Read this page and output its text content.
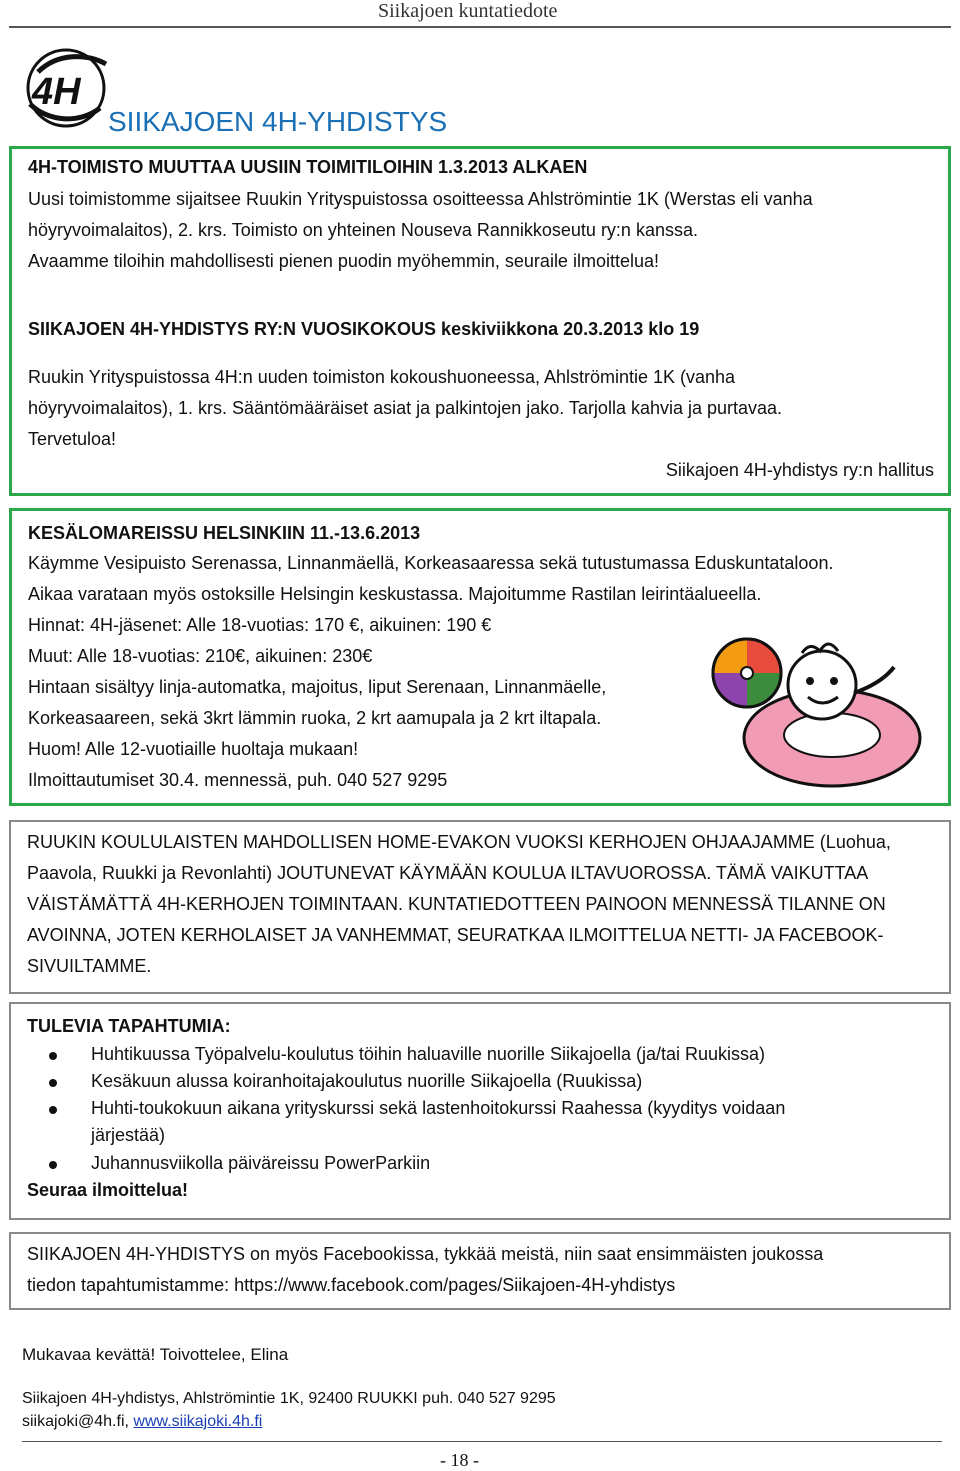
Siikajoen kuntatiedote
4H
SIIKAJOEN 4H-YHDISTYS
4H-TOIMISTO MUUTTAA UUSIIN TOIMITILOIHIN 1.3.2013 ALKAEN
Uusi toimistomme sijaitsee Ruukin Yrityspuistossa osoitteessa Ahlströmintie 1K (Werstas eli vanha
höyryvoimalaitos), 2. krs. Toimisto on yhteinen Nouseva Rannikkoseutu ry:n kanssa.
Avaamme tiloihin mahdollisesti pienen puodin myöhemmin, seuraile ilmoittelua!
SIIKAJOEN 4H-YHDISTYS RY:N VUOSIKOKOUS keskiviikkona 20.3.2013 klo 19
Ruukin Yrityspuistossa 4H:n uuden toimiston kokoushuoneessa, Ahlströmintie 1K (vanha
höyryvoimalaitos), 1. krs. Sääntömääräiset asiat ja palkintojen jako. Tarjolla kahvia ja purtavaa.
Tervetuloa!
Siikajoen 4H-yhdistys ry:n hallitus
KESÄLOMAREISSU HELSINKIIN 11.-13.6.2013
Käymme Vesipuisto Serenassa, Linnanmäellä, Korkeasaaressa sekä tutustumassa Eduskuntataloon.
Aikaa varataan myös ostoksille Helsingin keskustassa. Majoitumme Rastilan leirintäalueella.
Hinnat: 4H-jäsenet: Alle 18-vuotias: 170 €, aikuinen: 190 €
Muut: Alle 18-vuotias: 210€, aikuinen: 230€
Hintaan sisältyy linja-automatka, majoitus, liput Serenaan, Linnanmäelle,
Korkeasaareen, sekä 3krt lämmin ruoka, 2 krt aamupala ja 2 krt iltapala.
Huom! Alle 12-vuotiaille huoltaja mukaan!
Ilmoittautumiset 30.4. mennessä, puh. 040 527 9295
RUUKIN KOULULAISTEN MAHDOLLISEN HOME-EVAKON VUOKSI KERHOJEN OHJAAJAMME (Luohua,
Paavola, Ruukki ja Revonlahti) JOUTUNEVAT KÄYMÄÄN KOULUA ILTAVUOROSSA. TÄMÄ VAIKUTTAA
VÄISTÄMÄTTÄ 4H-KERHOJEN TOIMINTAAN. KUNTATIEDOTTEEN PAINOON MENNESSÄ TILANNE ON
AVOINNA, JOTEN KERHOLAISET JA VANHEMMAT, SEURATKAA ILMOITTELUA NETTI- JA FACEBOOK-
SIVUILTAMME.
TULEVIA TAPAHTUMIA:
Huhtikuussa Työpalvelu-koulutus töihin haluaville nuorille Siikajoella (ja/tai Ruukissa)
Kesäkuun alussa koiranhoitajakoulutus nuorille Siikajoella (Ruukissa)
Huhti-toukokuun aikana yrityskurssi sekä lastenhoitokurssi Raahessa (kyyditys voidaan
järjestää)
Juhannusviikolla päiväreissu PowerParkiin
Seuraa ilmoittelua!
SIIKAJOEN 4H-YHDISTYS on myös Facebookissa, tykkää meistä, niin saat ensimmäisten joukossa
tiedon tapahtumistamme: https://www.facebook.com/pages/Siikajoen-4H-yhdistys
Mukavaa kevättä! Toivottelee, Elina
Siikajoen 4H-yhdistys, Ahlströmintie 1K, 92400 RUUKKI puh. 040 527 9295
siikajoki@4h.fi, www.siikajoki.4h.fi
- 18 -
